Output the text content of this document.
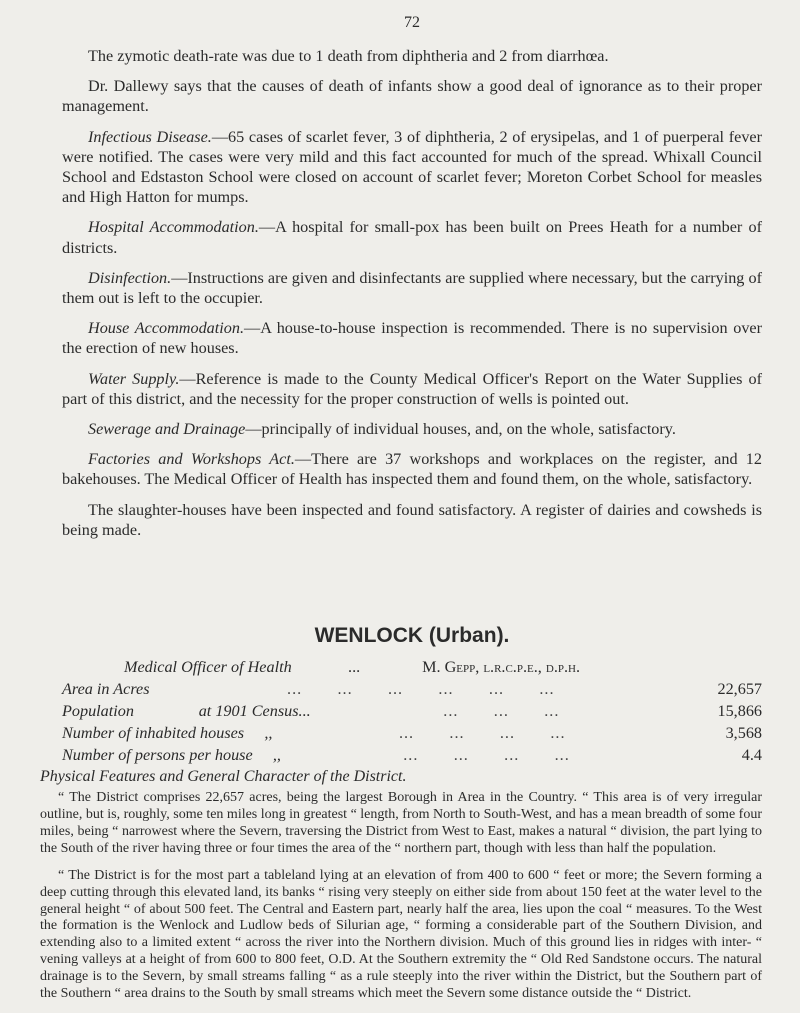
72

The zymotic death-rate was due to 1 death from diphtheria and 2 from diarrhœa.

Dr. Dallewy says that the causes of death of infants show a good deal of ignorance as to their proper management.

Infectious Disease.—65 cases of scarlet fever, 3 of diphtheria, 2 of erysipelas, and 1 of puerperal fever were notified. The cases were very mild and this fact accounted for much of the spread. Whixall Council School and Edstaston School were closed on account of scarlet fever; Moreton Corbet School for measles and High Hatton for mumps.

Hospital Accommodation.—A hospital for small-pox has been built on Prees Heath for a number of districts.

Disinfection.—Instructions are given and disinfectants are supplied where necessary, but the carrying of them out is left to the occupier.

House Accommodation.—A house-to-house inspection is recommended. There is no supervision over the erection of new houses.

Water Supply.—Reference is made to the County Medical Officer's Report on the Water Supplies of part of this district, and the necessity for the proper construction of wells is pointed out.

Sewerage and Drainage—principally of individual houses, and, on the whole, satisfactory.

Factories and Workshops Act.—There are 37 workshops and workplaces on the register, and 12 bakehouses. The Medical Officer of Health has inspected them and found them, on the whole, satisfactory.

The slaughter-houses have been inspected and found satisfactory. A register of dairies and cowsheds is being made.

WENLOCK (Urban).
Medical Officer of Health	...	M. Gepp, l.r.c.p.e., d.p.h.
Area in Acres	...       ...       ...       ...       ...       ...	22,657
Population                at 1901 Census...	...       ...       ...	15,866
Number of inhabited houses     ,,	...       ...       ...       ...	3,568
Number of persons per house     ,,	...       ...       ...       ...	4.4
Physical Features and General Character of the District.

“ The District comprises 22,657 acres, being the largest Borough in Area in the Country. “ This area is of very irregular outline, but is, roughly, some ten miles long in greatest “ length, from North to South-West, and has a mean breadth of some four miles, being “ narrowest where the Severn, traversing the District from West to East, makes a natural “ division, the part lying to the South of the river having three or four times the area of the “ northern part, though with less than half the population.

“ The District is for the most part a tableland lying at an elevation of from 400 to 600 “ feet or more; the Severn forming a deep cutting through this elevated land, its banks “ rising very steeply on either side from about 150 feet at the water level to the general height “ of about 500 feet. The Central and Eastern part, nearly half the area, lies upon the coal “ measures. To the West the formation is the Wenlock and Ludlow beds of Silurian age, “ forming a considerable part of the Southern Division, and extending also to a limited extent “ across the river into the Northern division. Much of this ground lies in ridges with inter- “ vening valleys at a height of from 600 to 800 feet, O.D. At the Southern extremity the “ Old Red Sandstone occurs. The natural drainage is to the Severn, by small streams falling “ as a rule steeply into the river within the District, but the Southern part of the Southern “ area drains to the South by small streams which meet the Severn some distance outside the “ District.
